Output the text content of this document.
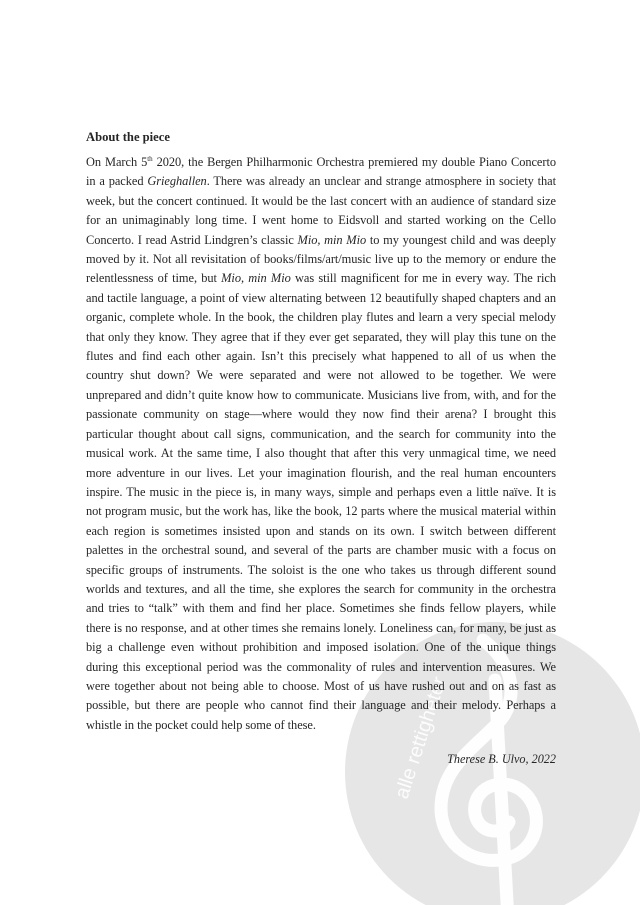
alle rettigheter
About the piece

On March 5th 2020, the Bergen Philharmonic Orchestra premiered my double Piano Concerto in a packed Grieghallen. There was already an unclear and strange atmosphere in society that week, but the concert continued. It would be the last concert with an audience of standard size for an unimaginably long time. I went home to Eidsvoll and started working on the Cello Concerto. I read Astrid Lindgren’s classic Mio, min Mio to my youngest child and was deeply moved by it. Not all revisitation of books/films/art/music live up to the memory or endure the relentlessness of time, but Mio, min Mio was still magnificent for me in every way. The rich and tactile language, a point of view alternating between 12 beautifully shaped chapters and an organic, complete whole. In the book, the children play flutes and learn a very special melody that only they know. They agree that if they ever get separated, they will play this tune on the flutes and find each other again. Isn’t this precisely what happened to all of us when the country shut down? We were separated and were not allowed to be together. We were unprepared and didn’t quite know how to communicate. Musicians live from, with, and for the passionate community on stage—where would they now find their arena? I brought this particular thought about call signs, communication, and the search for community into the musical work. At the same time, I also thought that after this very unmagical time, we need more adventure in our lives. Let your imagination flourish, and the real human encounters inspire. The music in the piece is, in many ways, simple and perhaps even a little naïve. It is not program music, but the work has, like the book, 12 parts where the musical material within each region is sometimes insisted upon and stands on its own. I switch between different palettes in the orchestral sound, and several of the parts are chamber music with a focus on specific groups of instruments. The soloist is the one who takes us through different sound worlds and textures, and all the time, she explores the search for community in the orchestra and tries to “talk” with them and find her place. Sometimes she finds fellow players, while there is no response, and at other times she remains lonely. Loneliness can, for many, be just as big a challenge even without prohibition and imposed isolation. One of the unique things during this exceptional period was the commonality of rules and intervention measures. We were together about not being able to choose. Most of us have rushed out and on as fast as possible, but there are people who cannot find their language and their melody. Perhaps a whistle in the pocket could help some of these.

Therese B. Ulvo, 2022
